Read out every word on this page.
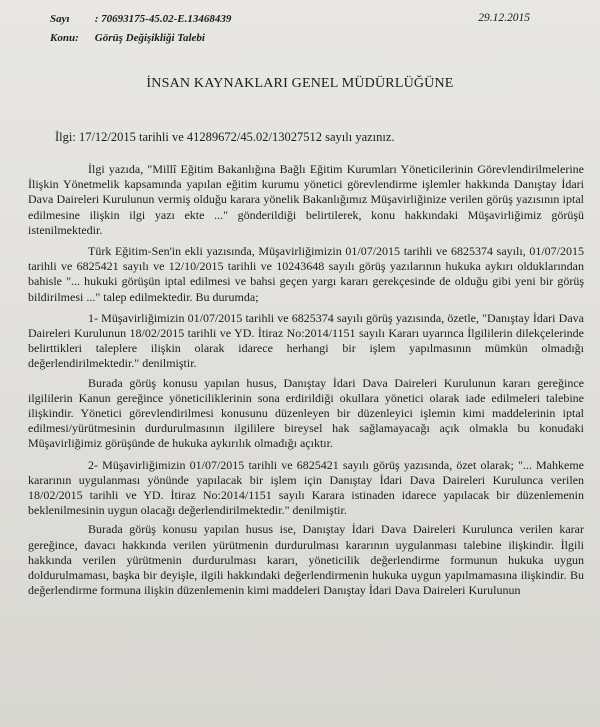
Sayı : 70693175-45.02-E.13468439
Konu: Görüş Değişikliği Talebi
29.12.2015
İNSAN KAYNAKLARI GENEL MÜDÜRLÜĞÜNE
İlgi: 17/12/2015 tarihli ve 41289672/45.02/13027512 sayılı yazınız.

İlgi yazıda, "Millî Eğitim Bakanlığına Bağlı Eğitim Kurumları Yöneticilerinin Görevlendirilmelerine İlişkin Yönetmelik kapsamında yapılan eğitim kurumu yönetici görevlendirme işlemler hakkında Danıştay İdari Dava Daireleri Kurulunun vermiş olduğu karara yönelik Bakanlığımız Müşavirliğinize verilen görüş yazısının iptal edilmesine ilişkin ilgi yazı ekte ..." gönderildiği belirtilerek, konu hakkındaki Müşavirliğimiz görüşü istenilmektedir.

Türk Eğitim-Sen'in ekli yazısında, Müşavirliğimizin 01/07/2015 tarihli ve 6825374 sayılı, 01/07/2015 tarihli ve 6825421 sayılı ve 12/10/2015 tarihli ve 10243648 sayılı görüş yazılarının hukuka aykırı olduklarından bahisle "... hukuki görüşün iptal edilmesi ve bahsi geçen yargı kararı gerekçesinde de olduğu gibi yeni bir görüş bildirilmesi ..." talep edilmektedir. Bu durumda;

1- Müşavirliğimizin 01/07/2015 tarihli ve 6825374 sayılı görüş yazısında, özetle, "Danıştay İdari Dava Daireleri Kurulunun 18/02/2015 tarihli ve YD. İtiraz No:2014/1151 sayılı Kararı uyarınca İlgililerin dilekçelerinde belirttikleri taleplere ilişkin olarak idarece herhangi bir işlem yapılmasının mümkün olmadığı değerlendirilmektedir." denilmiştir.

Burada görüş konusu yapılan husus, Danıştay İdari Dava Daireleri Kurulunun kararı gereğince ilgililerin Kanun gereğince yöneticiliklerinin sona erdirildiği okullara yönetici olarak iade edilmeleri talebine ilişkindir. Yönetici görevlendirilmesi konusunu düzenleyen bir düzenleyici işlemin kimi maddelerinin iptal edilmesi/yürütmesinin durdurulmasının ilgililere bireysel hak sağlamayacağı açık olmakla bu konudaki Müşavirliğimiz görüşünde de hukuka aykırılık olmadığı açıktır.

2- Müşavirliğimizin 01/07/2015 tarihli ve 6825421 sayılı görüş yazısında, özet olarak; "... Mahkeme kararının uygulanması yönünde yapılacak bir işlem için Danıştay İdari Dava Daireleri Kurulunca verilen 18/02/2015 tarihli ve YD. İtiraz No:2014/1151 sayılı Karara istinaden idarece yapılacak bir düzenlemenin beklenilmesinin uygun olacağı değerlendirilmektedir." denilmiştir.

Burada görüş konusu yapılan husus ise, Danıştay İdari Dava Daireleri Kurulunca verilen karar gereğince, davacı hakkında verilen yürütmenin durdurulması kararının uygulanması talebine ilişkindir. İlgili hakkında verilen yürütmenin durdurulması kararı, yöneticilik değerlendirme formunun hukuka uygun doldurulmaması, başka bir deyişle, ilgili hakkındaki değerlendirmenin hukuka uygun yapılmamasına ilişkindir. Bu değerlendirme formuna ilişkin düzenlemenin kimi maddeleri Danıştay İdari Dava Daireleri Kurulunun
